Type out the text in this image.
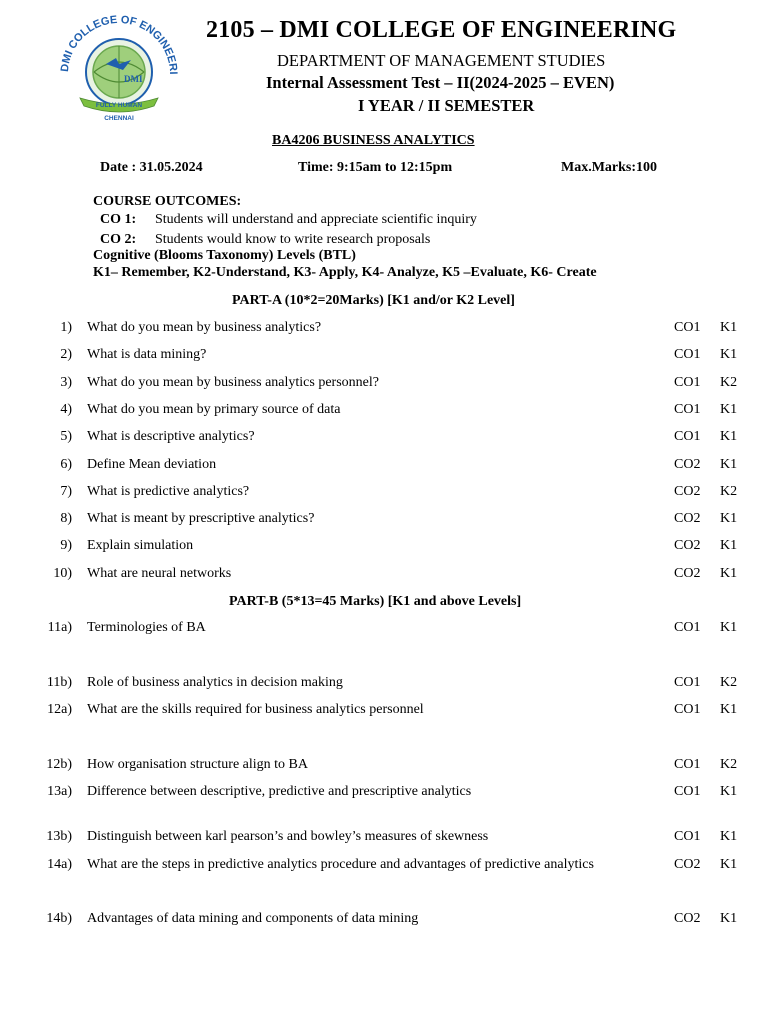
DMI COLLEGE OF ENGINEERI
DMI
FULLY HUMAN
CHENNAI
2105 – DMI COLLEGE OF ENGINEERING
DEPARTMENT OF MANAGEMENT STUDIES
Internal Assessment Test – II(2024-2025 – EVEN)
I YEAR / II SEMESTER
BA4206 BUSINESS ANALYTICS
Date : 31.05.2024	Time: 9:15am to 12:15pm	Max.Marks:100
COURSE OUTCOMES:
CO 1: Students will understand and appreciate scientific inquiry
CO 2: Students would know to write research proposals
Cognitive (Blooms Taxonomy) Levels (BTL)
K1– Remember, K2-Understand, K3- Apply, K4- Analyze, K5 –Evaluate, K6- Create
PART-A (10*2=20Marks) [K1 and/or K2 Level]
1) What do you mean by business analytics?	CO1 K1
2) What is data mining?	CO1 K1
3) What do you mean by business analytics personnel?	CO1 K2
4) What do you mean by primary source of data	CO1 K1
5) What is descriptive analytics?	CO1 K1
6) Define Mean deviation	CO2 K1
7) What is predictive analytics?	CO2 K2
8) What is meant by prescriptive analytics?	CO2 K1
9) Explain simulation	CO2 K1
10) What are neural networks	CO2 K1
PART-B (5*13=45 Marks) [K1 and above Levels]
11a) Terminologies of BA	CO1 K1
11b) Role of business analytics in decision making	CO1 K2
12a) What are the skills required for business analytics personnel	CO1 K1
12b) How organisation structure align to BA	CO1 K2
13a) Difference between descriptive, predictive and prescriptive analytics	CO1 K1
13b) Distinguish between karl pearson’s and bowley’s measures of skewness	CO1 K1
14a) What are the steps in predictive analytics procedure and advantages of predictive analytics	CO2 K1
14b) Advantages of data mining and components of data mining	CO2 K1
